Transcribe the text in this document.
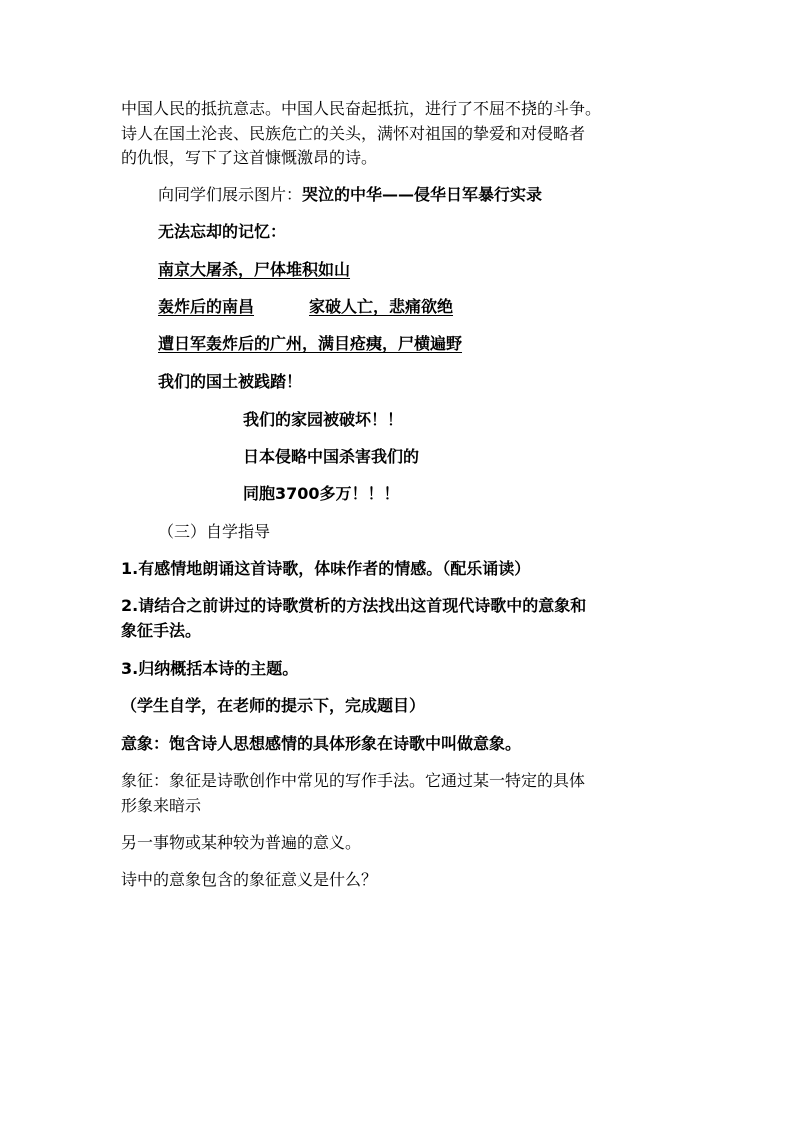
中国人民的抵抗意志。中国人民奋起抵抗，进行了不屈不挠的斗争。
诗人在国土沦丧、民族危亡的关头，满怀对祖国的挚爱和对侵略者
的仇恨，写下了这首慷慨激昂的诗。
向同学们展示图片：哭泣的中华——侵华日军暴行实录
无法忘却的记忆：
南京大屠杀，尸体堆积如山
轰炸后的南昌	家破人亡，悲痛欲绝
遭日军轰炸后的广州，满目疮痍，尸横遍野
我们的国土被践踏！
我们的家园被破坏！！
日本侵略中国杀害我们的
同胞3700多万！！！
（三）自学指导
1.有感情地朗诵这首诗歌，体味作者的情感。（配乐诵读）
2.请结合之前讲过的诗歌赏析的方法找出这首现代诗歌中的意象和
象征手法。
3.归纳概括本诗的主题。
（学生自学，在老师的提示下，完成题目）
意象：饱含诗人思想感情的具体形象在诗歌中叫做意象。
象征：象征是诗歌创作中常见的写作手法。它通过某一特定的具体
形象来暗示
另一事物或某种较为普遍的意义。
诗中的意象包含的象征意义是什么？
